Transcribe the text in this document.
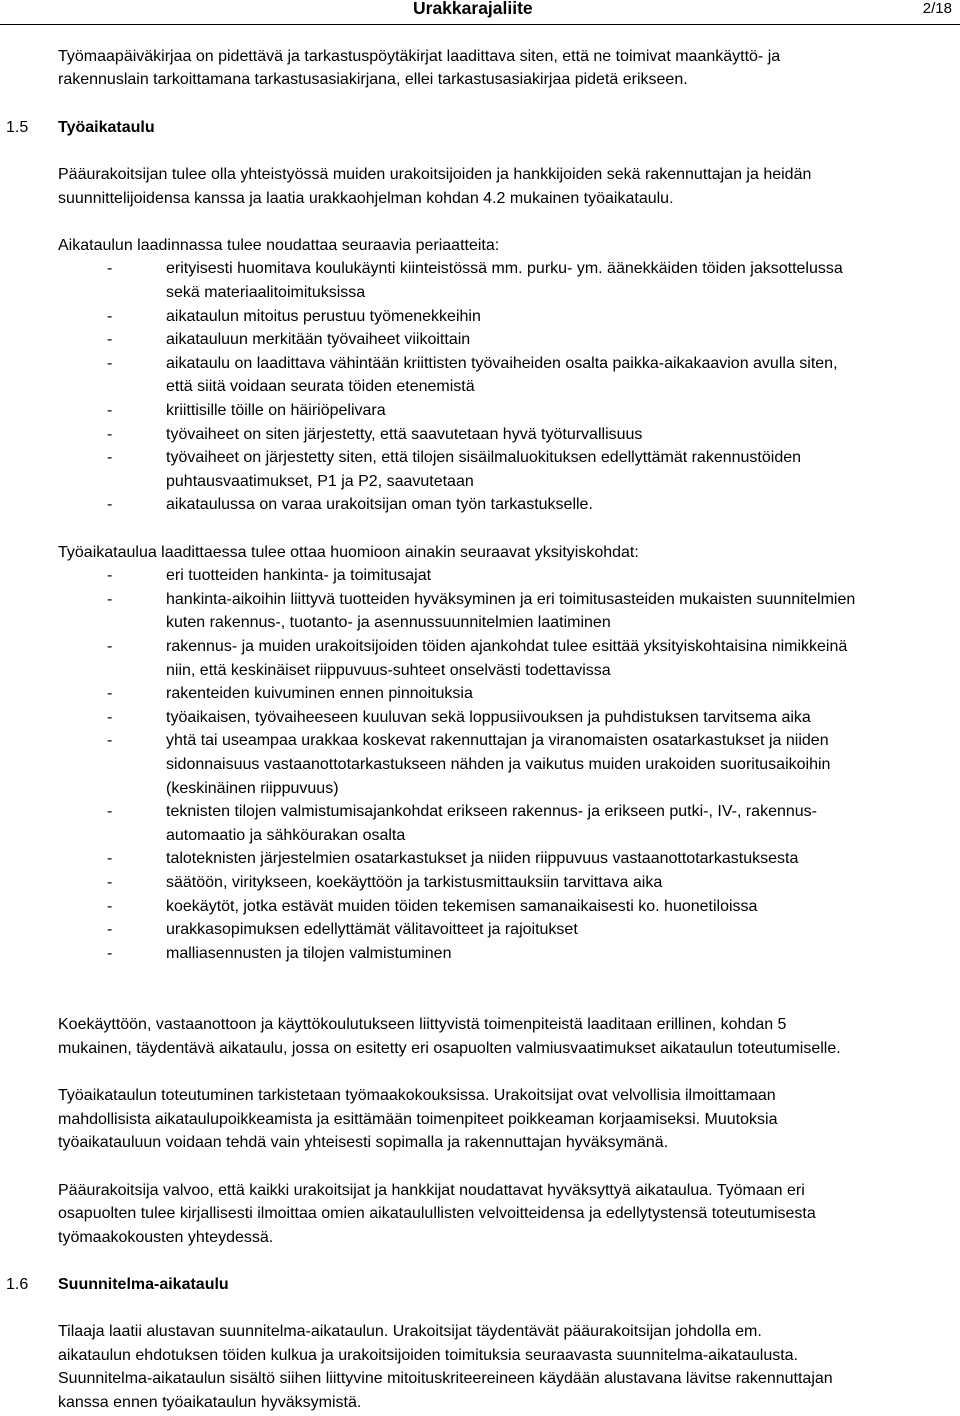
Urakkarajaliite	2/18
Työmaapäiväkirjaa on pidettävä ja tarkastuspöytäkirjat laadittava siten, että ne toimivat maankäyttö- ja
rakennuslain tarkoittamana tarkastusasiakirjana, ellei tarkastusasiakirjaa pidetä erikseen.
1.5 Työaikataulu
Pääurakoitsijan tulee olla yhteistyössä muiden urakoitsijoiden ja hankkijoiden sekä rakennuttajan ja heidän
suunnittelijoidensa kanssa ja laatia urakkaohjelman kohdan 4.2 mukainen työaikataulu.
Aikataulun laadinnassa tulee noudattaa seuraavia periaatteita:
-	erityisesti huomitava koulukäynti kiinteistössä mm. purku- ym. äänekkäiden töiden jaksottelussa
sekä materiaalitoimituksissa
-	aikataulun mitoitus perustuu työmenekkeihin
-	aikatauluun merkitään työvaiheet viikoittain
-	aikataulu on laadittava vähintään kriittisten työvaiheiden osalta paikka-aikakaavion avulla siten,
että siitä voidaan seurata töiden etenemistä
-	kriittisille töille on häiriöpelivara
-	työvaiheet on siten järjestetty, että saavutetaan hyvä työturvallisuus
-	työvaiheet on järjestetty siten, että tilojen sisäilmaluokituksen edellyttämät rakennustöiden
puhtausvaatimukset, P1 ja P2, saavutetaan
-	aikataulussa on varaa urakoitsijan oman työn tarkastukselle.
Työaikataulua laadittaessa tulee ottaa huomioon ainakin seuraavat yksityiskohdat:
-	eri tuotteiden hankinta- ja toimitusajat
-	hankinta-aikoihin liittyvä tuotteiden hyväksyminen ja eri toimitusasteiden mukaisten suunnitelmien
kuten rakennus-, tuotanto- ja asennussuunnitelmien laatiminen
-	rakennus- ja muiden urakoitsijoiden töiden ajankohdat tulee esittää yksityiskohtaisina nimikkeinä
niin, että keskinäiset riippuvuus-suhteet onselvästi todettavissa
-	rakenteiden kuivuminen ennen pinnoituksia
-	työaikaisen, työvaiheeseen kuuluvan sekä loppusiivouksen ja puhdistuksen tarvitsema aika
-	yhtä tai useampaa urakkaa koskevat rakennuttajan ja viranomaisten osatarkastukset ja niiden
sidonnaisuus vastaanottotarkastukseen nähden ja vaikutus muiden urakoiden suoritusaikoihin
(keskinäinen riippuvuus)
-	teknisten tilojen valmistumisajankohdat erikseen rakennus- ja erikseen putki-, IV-, rakennus-
automaatio ja sähköurakan osalta
-	taloteknisten järjestelmien osatarkastukset ja niiden riippuvuus vastaanottotarkastuksesta
-	säätöön, viritykseen, koekäyttöön ja tarkistusmittauksiin tarvittava aika
-	koekäytöt, jotka estävät muiden töiden tekemisen samanaikaisesti ko. huonetiloissa
-	urakkasopimuksen edellyttämät välitavoitteet ja rajoitukset
-	malliasennusten ja tilojen valmistuminen
Koekäyttöön, vastaanottoon ja käyttökoulutukseen liittyvistä toimenpiteistä laaditaan erillinen, kohdan 5
mukainen, täydentävä aikataulu, jossa on esitetty eri osapuolten valmiusvaatimukset aikataulun toteutumiselle.
Työaikataulun toteutuminen tarkistetaan työmaakokouksissa. Urakoitsijat ovat velvollisia ilmoittamaan
mahdollisista aikataulupoikkeamista ja esittämään toimenpiteet poikkeaman korjaamiseksi. Muutoksia
työaikatauluun voidaan tehdä vain yhteisesti sopimalla ja rakennuttajan hyväksymänä.
Pääurakoitsija valvoo, että kaikki urakoitsijat ja hankkijat noudattavat hyväksyttyä aikataulua. Työmaan eri
osapuolten tulee kirjallisesti ilmoittaa omien aikataulullisten velvoitteidensa ja edellytystensä toteutumisesta
työmaakokousten yhteydessä.
1.6 Suunnitelma-aikataulu
Tilaaja laatii alustavan suunnitelma-aikataulun. Urakoitsijat täydentävät pääurakoitsijan johdolla em.
aikataulun ehdotuksen töiden kulkua ja urakoitsijoiden toimituksia seuraavasta suunnitelma-aikataulusta.
Suunnitelma-aikataulun sisältö siihen liittyvine mitoituskriteereineen käydään alustavana lävitse rakennuttajan
kanssa ennen työaikataulun hyväksymistä.
